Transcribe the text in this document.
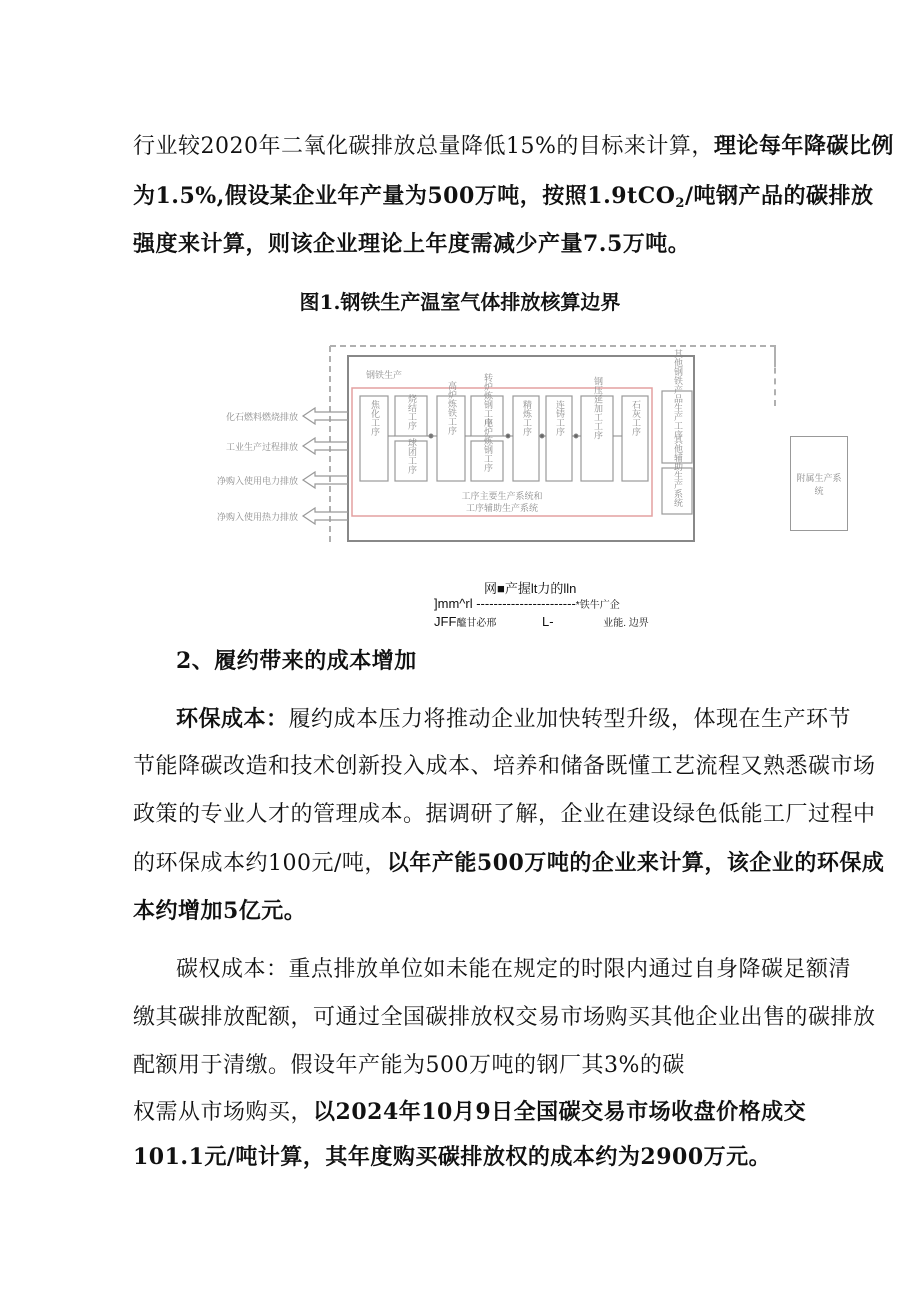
行业较2020年二氧化碳排放总量降低15%的目标来计算，理论每年降碳比例
为1.5%,假设某企业年产量为500万吨，按照1.9tCO$_2$/吨钢产品的碳排放
强度来计算，则该企业理论上年度需减少产量7.5万吨。
图1.钢铁生产温室气体排放核算边界
钢铁生产
焦化工序	烧结工序
球团工序
高炉炼铁工序	转炉炼钢工序
电炉炼钢工序	精炼工序	连铸工序	钢压延加工工序	石灰工序	其他钢铁产品生产工序
其他辅助生产系统
工序主要生产系统和
工序辅助生产系统
化石燃料燃烧排放
工业生产过程排放
净购入使用电力排放
净购入使用热力排放
附属生产系统
网■产握lt力的lln
]mm^rl -----------------------*铁牛广企
JFF醯甘必邢	L-	业能. 边畀
2、履约带来的成本增加
环保成本：履约成本压力将推动企业加快转型升级，体现在生产环节
节能降碳改造和技术创新投入成本、培养和储备既懂工艺流程又熟悉碳市场
政策的专业人才的管理成本。据调研了解，企业在建设绿色低能工厂过程中
的环保成本约100元/吨，以年产能500万吨的企业来计算，该企业的环保成
本约增加5亿元。
碳权成本：重点排放单位如未能在规定的时限内通过自身降碳足额清
缴其碳排放配额，可通过全国碳排放权交易市场购买其他企业出售的碳排放
配额用于清缴。假设年产能为500万吨的钢厂其3%的碳
权需从市场购买，以2024年10月9日全国碳交易市场收盘价格成交
101.1元/吨计算，其年度购买碳排放权的成本约为2900万元。
